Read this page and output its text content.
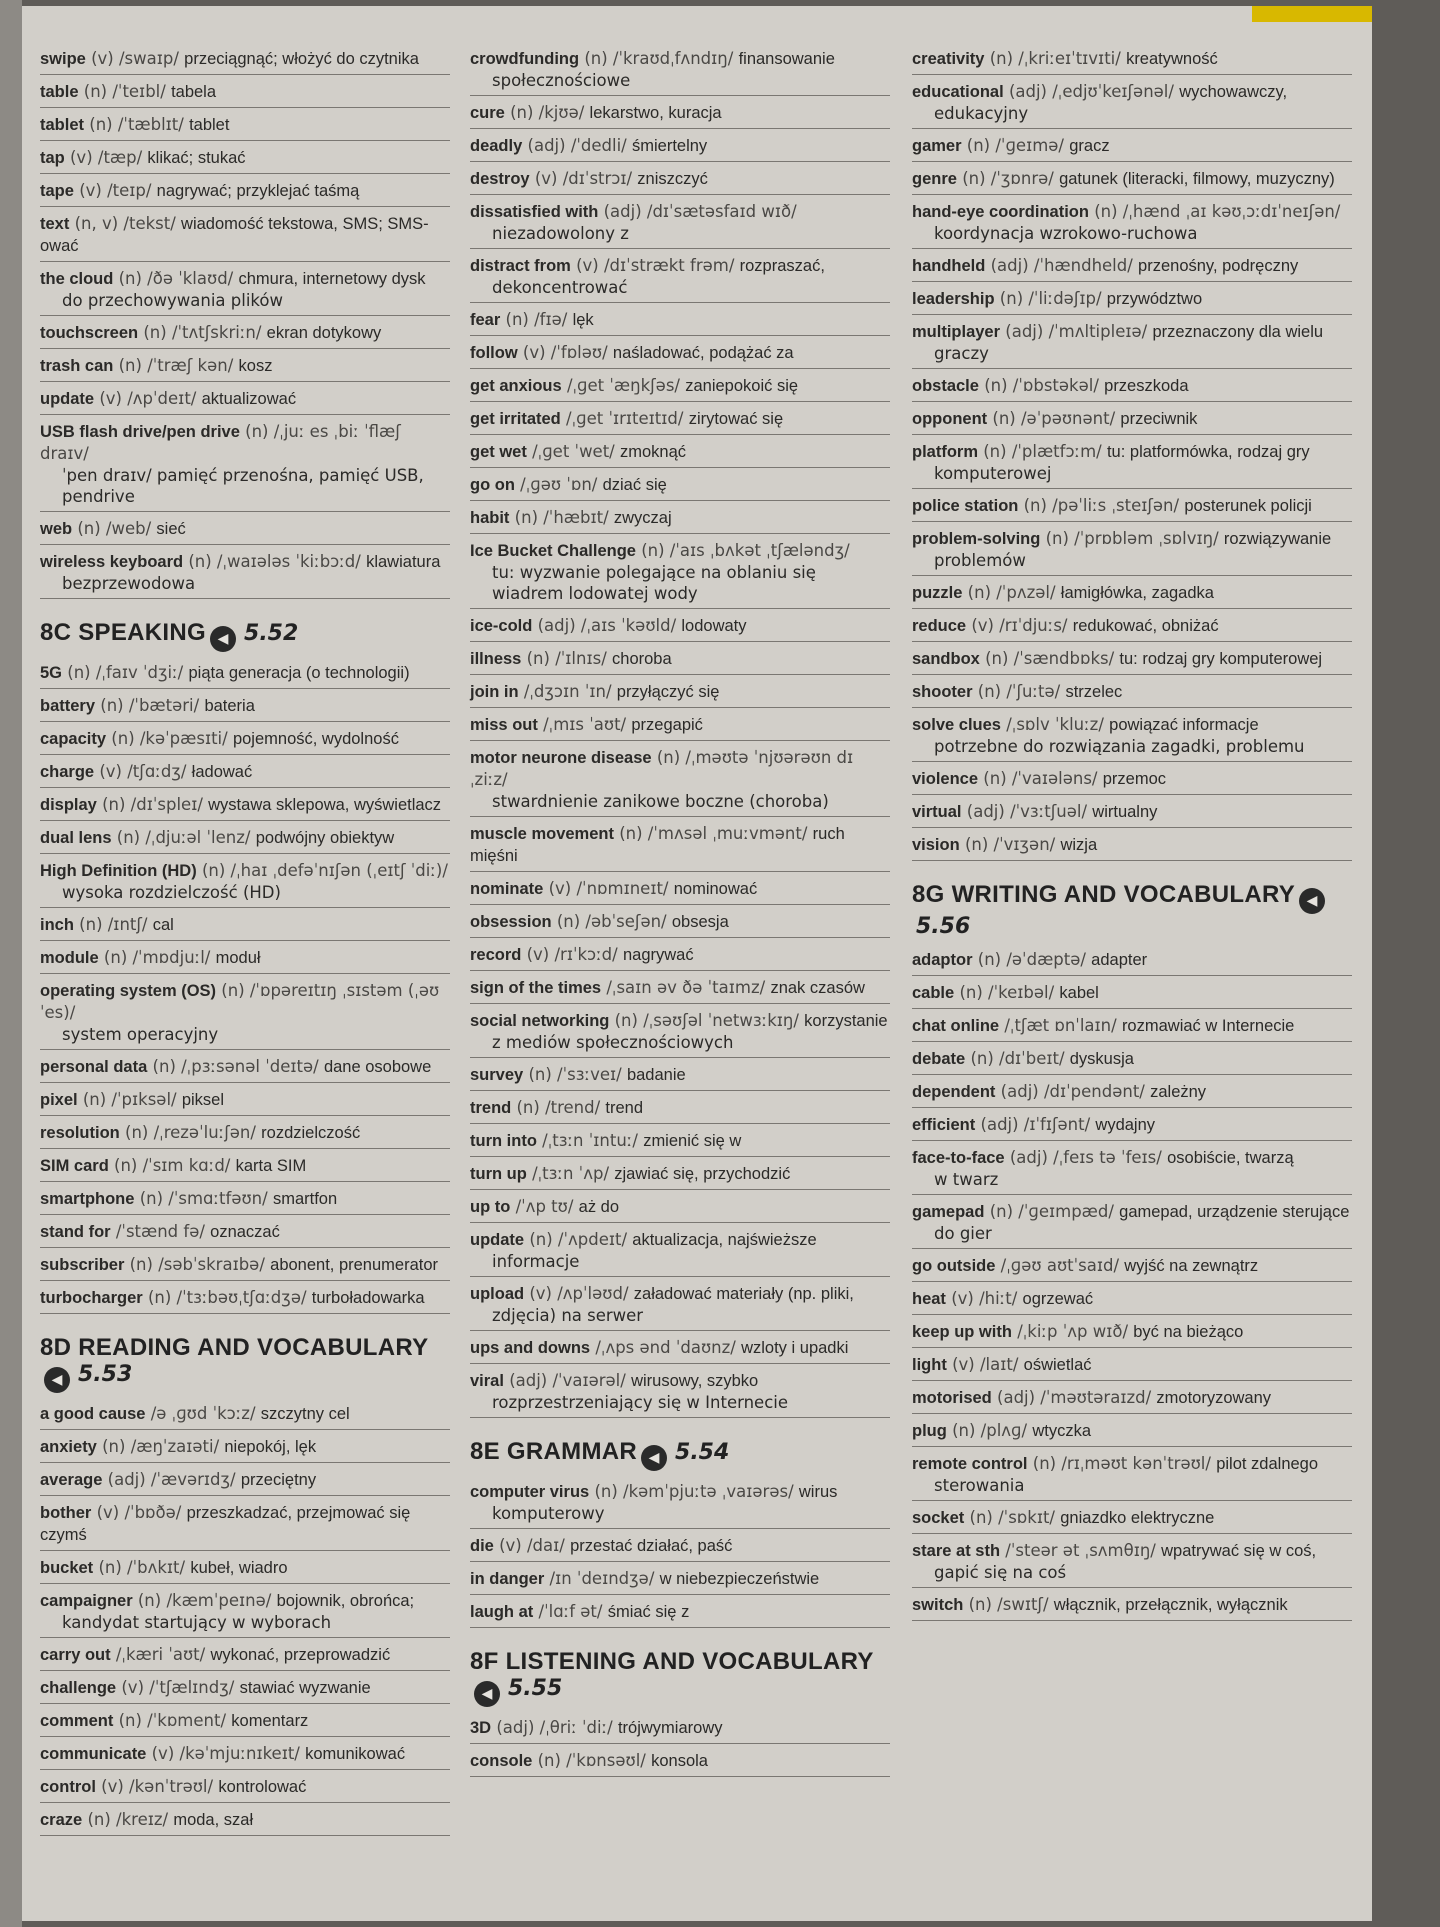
swipe (v) /swaɪp/ przeciągnąć; włożyć do czytnika
table (n) /ˈteɪbl/ tabela
tablet (n) /ˈtæblɪt/ tablet
tap (v) /tæp/ klikać; stukać
tape (v) /teɪp/ nagrywać; przyklejać taśmą
text (n, v) /tekst/ wiadomość tekstowa, SMS; SMS-ować
the cloud (n) /ðə ˈklaʊd/ chmura, internetowy dysk
do przechowywania plików
touchscreen (n) /ˈtʌtʃskriːn/ ekran dotykowy
trash can (n) /ˈtræʃ kən/ kosz
update (v) /ʌpˈdeɪt/ aktualizować
USB flash drive/pen drive (n) /ˌjuː es ˌbiː ˈflæʃ draɪv/
ˈpen draɪv/ pamięć przenośna, pamięć USB, pendrive
web (n) /web/ sieć
wireless keyboard (n) /ˌwaɪələs ˈkiːbɔːd/ klawiatura
bezprzewodowa
8C SPEAKING ◀ 5.52
5G (n) /ˌfaɪv ˈdʒiː/ piąta generacja (o technologii)
battery (n) /ˈbætəri/ bateria
capacity (n) /kəˈpæsɪti/ pojemność, wydolność
charge (v) /tʃɑːdʒ/ ładować
display (n) /dɪˈspleɪ/ wystawa sklepowa, wyświetlacz
dual lens (n) /ˌdjuːəl ˈlenz/ podwójny obiektyw
High Definition (HD) (n) /ˌhaɪ ˌdefəˈnɪʃən (ˌeɪtʃ ˈdiː)/
wysoka rozdzielczość (HD)
inch (n) /ɪntʃ/ cal
module (n) /ˈmɒdjuːl/ moduł
operating system (OS) (n) /ˈɒpəreɪtɪŋ ˌsɪstəm (ˌəʊ ˈes)/
system operacyjny
personal data (n) /ˌpɜːsənəl ˈdeɪtə/ dane osobowe
pixel (n) /ˈpɪksəl/ piksel
resolution (n) /ˌrezəˈluːʃən/ rozdzielczość
SIM card (n) /ˈsɪm kɑːd/ karta SIM
smartphone (n) /ˈsmɑːtfəʊn/ smartfon
stand for /ˈstænd fə/ oznaczać
subscriber (n) /səbˈskraɪbə/ abonent, prenumerator
turbocharger (n) /ˈtɜːbəʊˌtʃɑːdʒə/ turboładowarka
8D READING AND VOCABULARY◀ 5.53
a good cause /ə ˌɡʊd ˈkɔːz/ szczytny cel
anxiety (n) /æŋˈzaɪəti/ niepokój, lęk
average (adj) /ˈævərɪdʒ/ przeciętny
bother (v) /ˈbɒðə/ przeszkadzać, przejmować się czymś
bucket (n) /ˈbʌkɪt/ kubeł, wiadro
campaigner (n) /kæmˈpeɪnə/ bojownik, obrońca;
kandydat startujący w wyborach
carry out /ˌkæri ˈaʊt/ wykonać, przeprowadzić
challenge (v) /ˈtʃælɪndʒ/ stawiać wyzwanie
comment (n) /ˈkɒment/ komentarz
communicate (v) /kəˈmjuːnɪkeɪt/ komunikować
control (v) /kənˈtrəʊl/ kontrolować
craze (n) /kreɪz/ moda, szał
crowdfunding (n) /ˈkraʊdˌfʌndɪŋ/ finansowanie
społecznościowe
cure (n) /kjʊə/ lekarstwo, kuracja
deadly (adj) /ˈdedli/ śmiertelny
destroy (v) /dɪˈstrɔɪ/ zniszczyć
dissatisfied with (adj) /dɪˈsætəsfaɪd wɪð/
niezadowolony z
distract from (v) /dɪˈstrækt frəm/ rozpraszać,
dekoncentrować
fear (n) /fɪə/ lęk
follow (v) /ˈfɒləʊ/ naśladować, podążać za
get anxious /ˌɡet ˈæŋkʃəs/ zaniepokoić się
get irritated /ˌɡet ˈɪrɪteɪtɪd/ zirytować się
get wet /ˌɡet ˈwet/ zmoknąć
go on /ˌɡəʊ ˈɒn/ dziać się
habit (n) /ˈhæbɪt/ zwyczaj
Ice Bucket Challenge (n) /ˈaɪs ˌbʌkət ˌtʃæləndʒ/
tu: wyzwanie polegające na oblaniu się wiadrem lodowatej wody
ice-cold (adj) /ˌaɪs ˈkəʊld/ lodowaty
illness (n) /ˈɪlnɪs/ choroba
join in /ˌdʒɔɪn ˈɪn/ przyłączyć się
miss out /ˌmɪs ˈaʊt/ przegapić
motor neurone disease (n) /ˌməʊtə ˈnjʊərəʊn dɪˌziːz/
stwardnienie zanikowe boczne (choroba)
muscle movement (n) /ˈmʌsəl ˌmuːvmənt/ ruch mięśni
nominate (v) /ˈnɒmɪneɪt/ nominować
obsession (n) /əbˈseʃən/ obsesja
record (v) /rɪˈkɔːd/ nagrywać
sign of the times /ˌsaɪn əv ðə ˈtaɪmz/ znak czasów
social networking (n) /ˌsəʊʃəl ˈnetwɜːkɪŋ/ korzystanie
z mediów społecznościowych
survey (n) /ˈsɜːveɪ/ badanie
trend (n) /trend/ trend
turn into /ˌtɜːn ˈɪntuː/ zmienić się w
turn up /ˌtɜːn ˈʌp/ zjawiać się, przychodzić
up to /ˈʌp tʊ/ aż do
update (n) /ˈʌpdeɪt/ aktualizacja, najświeższe
informacje
upload (v) /ʌpˈləʊd/ załadować materiały (np. pliki,
zdjęcia) na serwer
ups and downs /ˌʌps ənd ˈdaʊnz/ wzloty i upadki
viral (adj) /ˈvaɪərəl/ wirusowy, szybko
rozprzestrzeniający się w Internecie
8E GRAMMAR ◀ 5.54
computer virus (n) /kəmˈpjuːtə ˌvaɪərəs/ wirus
komputerowy
die (v) /daɪ/ przestać działać, paść
in danger /ɪn ˈdeɪndʒə/ w niebezpieczeństwie
laugh at /ˈlɑːf ət/ śmiać się z
8F LISTENING AND VOCABULARY◀ 5.55
3D (adj) /ˌθriː ˈdiː/ trójwymiarowy
console (n) /ˈkɒnsəʊl/ konsola
creativity (n) /ˌkriːeɪˈtɪvɪti/ kreatywność
educational (adj) /ˌedjʊˈkeɪʃənəl/ wychowawczy,
edukacyjny
gamer (n) /ˈɡeɪmə/ gracz
genre (n) /ˈʒɒnrə/ gatunek (literacki, filmowy, muzyczny)
hand-eye coordination (n) /ˌhænd ˌaɪ kəʊˌɔːdɪˈneɪʃən/
koordynacja wzrokowo-ruchowa
handheld (adj) /ˈhændheld/ przenośny, podręczny
leadership (n) /ˈliːdəʃɪp/ przywództwo
multiplayer (adj) /ˈmʌltipleɪə/ przeznaczony dla wielu
graczy
obstacle (n) /ˈɒbstəkəl/ przeszkoda
opponent (n) /əˈpəʊnənt/ przeciwnik
platform (n) /ˈplætfɔːm/ tu: platformówka, rodzaj gry
komputerowej
police station (n) /pəˈliːs ˌsteɪʃən/ posterunek policji
problem-solving (n) /ˈprɒbləm ˌsɒlvɪŋ/ rozwiązywanie
problemów
puzzle (n) /ˈpʌzəl/ łamigłówka, zagadka
reduce (v) /rɪˈdjuːs/ redukować, obniżać
sandbox (n) /ˈsændbɒks/ tu: rodzaj gry komputerowej
shooter (n) /ˈʃuːtə/ strzelec
solve clues /ˌsɒlv ˈkluːz/ powiązać informacje
potrzebne do rozwiązania zagadki, problemu
violence (n) /ˈvaɪələns/ przemoc
virtual (adj) /ˈvɜːtʃuəl/ wirtualny
vision (n) /ˈvɪʒən/ wizja
8G WRITING AND VOCABULARY ◀5.56
adaptor (n) /əˈdæptə/ adapter
cable (n) /ˈkeɪbəl/ kabel
chat online /ˌtʃæt ɒnˈlaɪn/ rozmawiać w Internecie
debate (n) /dɪˈbeɪt/ dyskusja
dependent (adj) /dɪˈpendənt/ zależny
efficient (adj) /ɪˈfɪʃənt/ wydajny
face-to-face (adj) /ˌfeɪs tə ˈfeɪs/ osobiście, twarzą
w twarz
gamepad (n) /ˈɡeɪmpæd/ gamepad, urządzenie sterujące
do gier
go outside /ˌɡəʊ aʊtˈsaɪd/ wyjść na zewnątrz
heat (v) /hiːt/ ogrzewać
keep up with /ˌkiːp ˈʌp wɪð/ być na bieżąco
light (v) /laɪt/ oświetlać
motorised (adj) /ˈməʊtəraɪzd/ zmotoryzowany
plug (n) /plʌɡ/ wtyczka
remote control (n) /rɪˌməʊt kənˈtrəʊl/ pilot zdalnego
sterowania
socket (n) /ˈsɒkɪt/ gniazdko elektryczne
stare at sth /ˈsteər ət ˌsʌmθɪŋ/ wpatrywać się w coś,
gapić się na coś
switch (n) /swɪtʃ/ włącznik, przełącznik, wyłącznik
